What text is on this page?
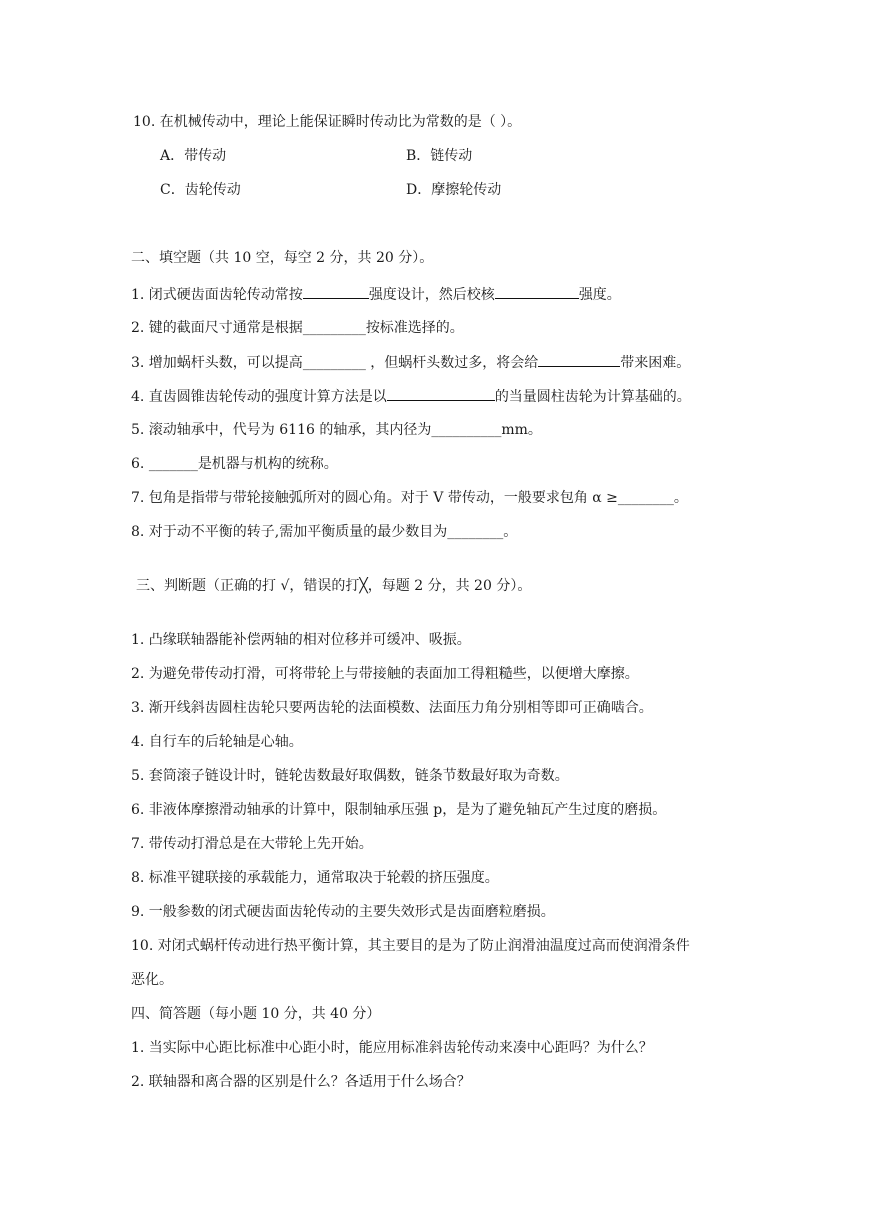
10. 在机械传动中，理论上能保证瞬时传动比为常数的是（ ）。
A．带传动	B．链传动
C．齿轮传动	D．摩擦轮传动
二、填空题（共 10 空，每空 2 分，共 20 分）。
1. 闭式硬齿面齿轮传动常按	强度设计，然后校核	强度。
2. 键的截面尺寸通常是根据_________按标准选择的。
3. 增加蜗杆头数，可以提高_________ ，但蜗杆头数过多，将会给	带来困难。
4. 直齿圆锥齿轮传动的强度计算方法是以	的当量圆柱齿轮为计算基础的。
5. 滚动轴承中，代号为 6116 的轴承，其内径为__________mm。
6. _______是机器与机构的统称。
7. 包角是指带与带轮接触弧所对的圆心角。对于 V 带传动，一般要求包角 α ≥________。
8. 对于动不平衡的转子,需加平衡质量的最少数目为________。
三、判断题（正确的打 √，错误的打╳，每题 2 分，共 20 分）。
1. 凸缘联轴器能补偿两轴的相对位移并可缓冲、吸振。
2. 为避免带传动打滑，可将带轮上与带接触的表面加工得粗糙些，以便增大摩擦。
3. 渐开线斜齿圆柱齿轮只要两齿轮的法面模数、法面压力角分别相等即可正确啮合。
4. 自行车的后轮轴是心轴。
5. 套筒滚子链设计时，链轮齿数最好取偶数，链条节数最好取为奇数。
6. 非液体摩擦滑动轴承的计算中，限制轴承压强 p，是为了避免轴瓦产生过度的磨损。
7. 带传动打滑总是在大带轮上先开始。
8. 标准平键联接的承载能力，通常取决于轮毂的挤压强度。
9. 一般参数的闭式硬齿面齿轮传动的主要失效形式是齿面磨粒磨损。
10. 对闭式蜗杆传动进行热平衡计算，其主要目的是为了防止润滑油温度过高而使润滑条件
恶化。
四、简答题（每小题 10 分，共 40 分）
1. 当实际中心距比标准中心距小时，能应用标准斜齿轮传动来凑中心距吗？为什么？
2. 联轴器和离合器的区别是什么？各适用于什么场合？
